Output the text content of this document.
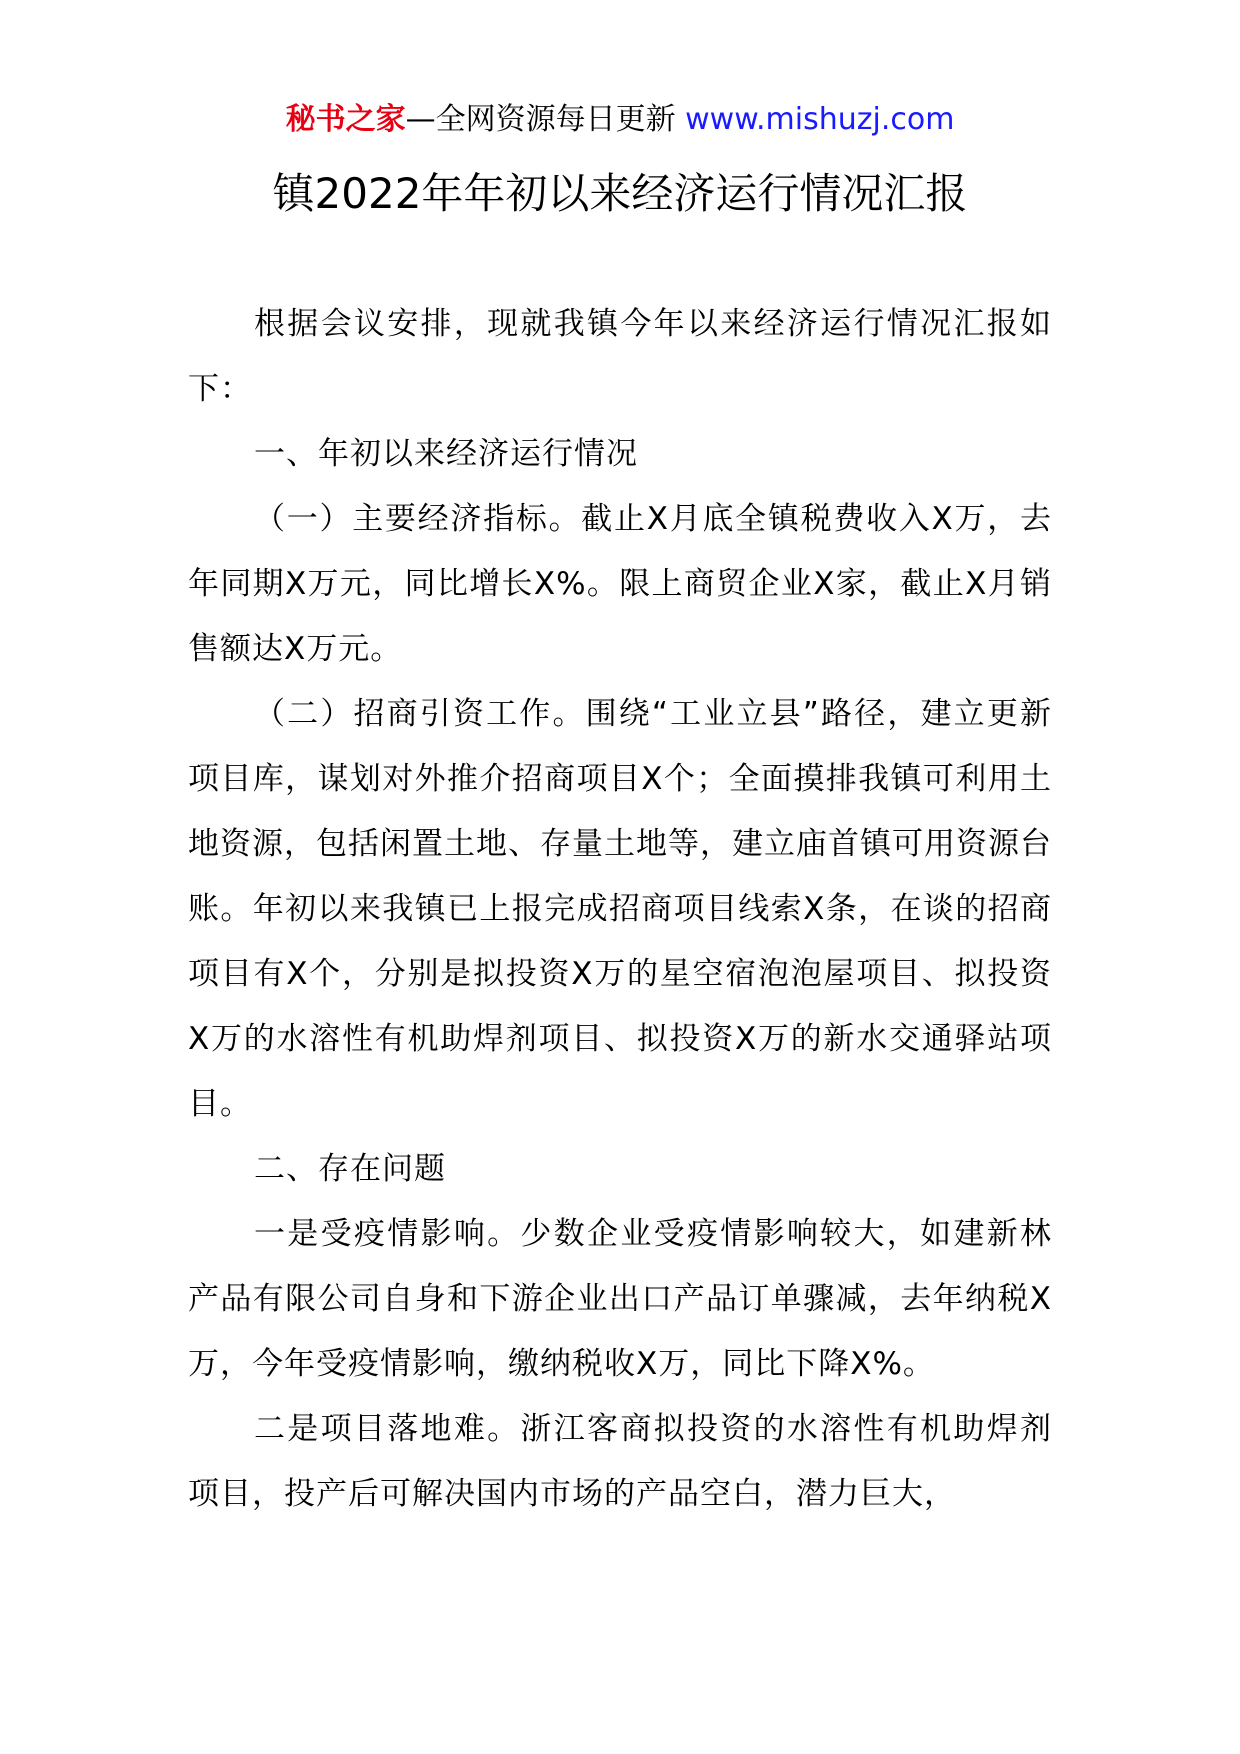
秘书之家—全网资源每日更新 www.mishuzj.com
镇2022年年初以来经济运行情况汇报

根据会议安排，现就我镇今年以来经济运行情况汇报如下：

一、年初以来经济运行情况

（一）主要经济指标。截止X月底全镇税费收入X万，去年同期X万元，同比增长X%。限上商贸企业X家，截止X月销售额达X万元。

（二）招商引资工作。围绕“工业立县”路径，建立更新项目库，谋划对外推介招商项目X个；全面摸排我镇可利用土地资源，包括闲置土地、存量土地等，建立庙首镇可用资源台账。年初以来我镇已上报完成招商项目线索X条，在谈的招商项目有X个，分别是拟投资X万的星空宿泡泡屋项目、拟投资X万的水溶性有机助焊剂项目、拟投资X万的新水交通驿站项目。

二、存在问题

一是受疫情影响。少数企业受疫情影响较大，如建新林产品有限公司自身和下游企业出口产品订单骤减，去年纳税X万，今年受疫情影响，缴纳税收X万，同比下降X%。

二是项目落地难。浙江客商拟投资的水溶性有机助焊剂项目，投产后可解决国内市场的产品空白，潜力巨大，
